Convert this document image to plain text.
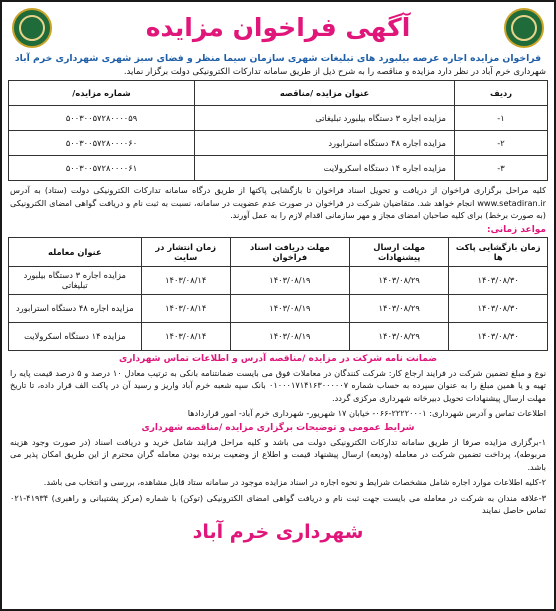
آگهی فراخوان مزایده
فراخوان مزایده اجاره عرصه بیلبورد های تبلیغات شهری سازمان سیما منظر و فضای سبز شهری شهرداری خرم آباد
شهرداری خرم آباد در نظر دارد مزایده و مناقصه را به شرح ذیل از طریق سامانه تدارکات الکترونیکی دولت برگزار نماید.
ردیف	عنوان مزایده /مناقصه	شماره مزایده/
۱-	مزایده اجاره ۳ دستگاه بیلبورد تبلیغاتی	۵۰۰۳۰۰۵۷۲۸۰۰۰۰۵۹
۲-	مزایده اجاره ۴۸ دستگاه استرابورد	۵۰۰۳۰۰۵۷۲۸۰۰۰۰۶۰
۳-	مزایده اجاره ۱۴ دستگاه اسکرولایت	۵۰۰۳۰۰۵۷۲۸۰۰۰۰۶۱
کلیه مراحل برگزاری فراخوان از دریافت و تحویل اسناد فراخوان تا بازگشایی پاکتها از طریق درگاه سامانه تدارکات الکترونیکی دولت (ستاد) به آدرس www.setadiran.ir انجام خواهد شد. متقاضیان شرکت در فراخوان در صورت عدم عضویت در سامانه، نسبت به ثبت نام و دریافت گواهی امضای الکترونیکی (به صورت برخط) برای کلیه صاحبان امضای مجاز و مهر سازمانی اقدام لازم را به عمل آورند.
مواعد زمانی:
زمان بازگشایی پاکت ها	مهلت ارسال پیشنهادات	مهلت دریافت اسناد فراخوان	زمان انتشار در سایت	عنوان معامله
۱۴۰۳/۰۸/۳۰	۱۴۰۳/۰۸/۲۹	۱۴۰۳/۰۸/۱۹	۱۴۰۳/۰۸/۱۴	مزایده اجاره ۳ دستگاه بیلبورد تبلیغاتی
۱۴۰۳/۰۸/۳۰	۱۴۰۳/۰۸/۲۹	۱۴۰۳/۰۸/۱۹	۱۴۰۳/۰۸/۱۴	مزایده اجاره ۴۸ دستگاه استرابورد
۱۴۰۳/۰۸/۳۰	۱۴۰۳/۰۸/۲۹	۱۴۰۳/۰۸/۱۹	۱۴۰۳/۰۸/۱۴	مزایده ۱۴ دستگاه اسکرولایت
ضمانت نامه شرکت در مزایده /مناقصه آدرس و اطلاعات تماس شهرداری
نوع و مبلغ تضمین شرکت در فرایند ارجاع کار: شرکت کنندگان در معاملات فوق می بایست ضمانتنامه بانکی به ترتیب معادل ۱۰ درصد و ۵ درصد قیمت پایه را تهیه و یا همین مبلغ را به عنوان سپرده به حساب شماره ۰۱۰۰۰۱۷۱۴۱۶۳۰۰۰۰۰۷ بانک سپه شعبه خرم آباد واریز و رسید آن در پاکت الف قرار داده، تا تاریخ مهلت ارسال پیشنهادات تحویل دبیرخانه شهرداری مرکزی گردد.
اطلاعات تماس و آدرس شهرداری: ۲۲۲۲۰۰۰۱-۰۶۶- خیابان ۱۷ شهریور- شهرداری خرم آباد- امور قراردادها
شرایط عمومی و توضیحات برگزاری مزایده /مناقصه شهرداری
۱-برگزاری مزایده صرفا از طریق سامانه تدارکات الکترونیکی دولت می باشد و کلیه مراحل فرایند شامل خرید و دریافت اسناد (در صورت وجود هزینه مربوطه)، پرداخت تضمین شرکت در معامله (ودیعه) ارسال پیشنهاد قیمت و اطلاع از وضعیت برنده بودن معامله گران محترم از این طریق امکان پذیر می باشد.
۲-کلیه اطلاعات موارد اجاره شامل مشخصات شرایط و نحوه اجاره در اسناد مزایده موجود در سامانه ستاد قابل مشاهده، بررسی و انتخاب می باشد.
۳-علاقه مندان به شرکت در معامله می بایست جهت ثبت نام و دریافت گواهی امضای الکترونیکی (توکن) با شماره (مرکز پشتیبانی و راهبری) ۴۱۹۳۴-۰۲۱ تماس حاصل نمایند
شهرداری خرم آباد
